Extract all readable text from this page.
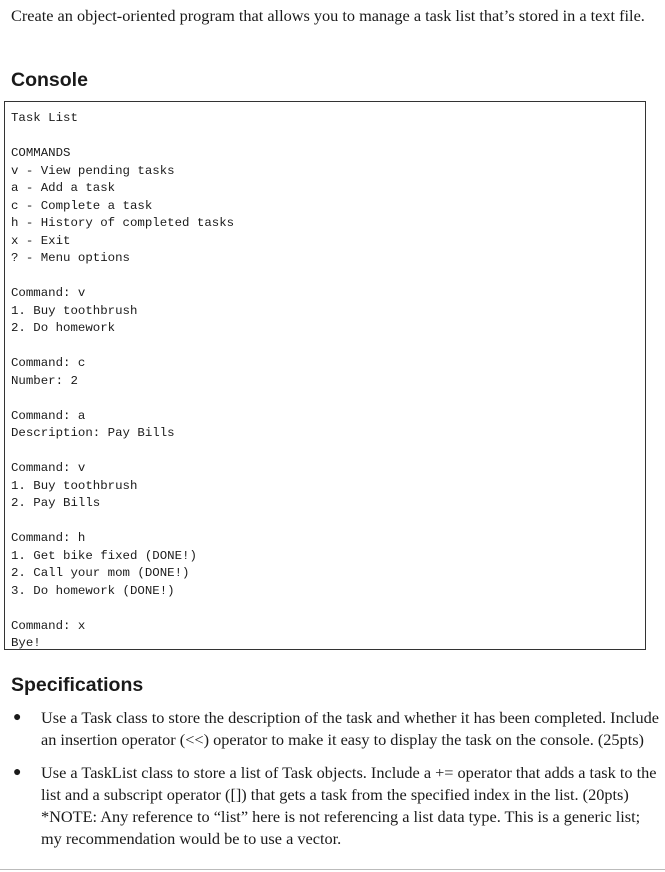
Create an object-oriented program that allows you to manage a task list that’s stored in a text file.

Console
Task List
COMMANDS
v - View pending tasks
a - Add a task
c - Complete a task
h - History of completed tasks
x - Exit
? - Menu options
Command: v
1. Buy toothbrush
2. Do homework
Command: c
Number: 2
Command: a
Description: Pay Bills
Command: v
1. Buy toothbrush
2. Pay Bills
Command: h
1. Get bike fixed (DONE!)
2. Call your mom (DONE!)
3. Do homework (DONE!)
Command: x
Bye!
Specifications
● Use a Task class to store the description of the task and whether it has been completed. Include an insertion operator (<<) operator to make it easy to display the task on the console. (25pts)
● Use a TaskList class to store a list of Task objects. Include a += operator that adds a task to the list and a subscript operator ([]) that gets a task from the specified index in the list. (20pts) *NOTE: Any reference to “list” here is not referencing a list data type. This is a generic list; my recommendation would be to use a vector.
